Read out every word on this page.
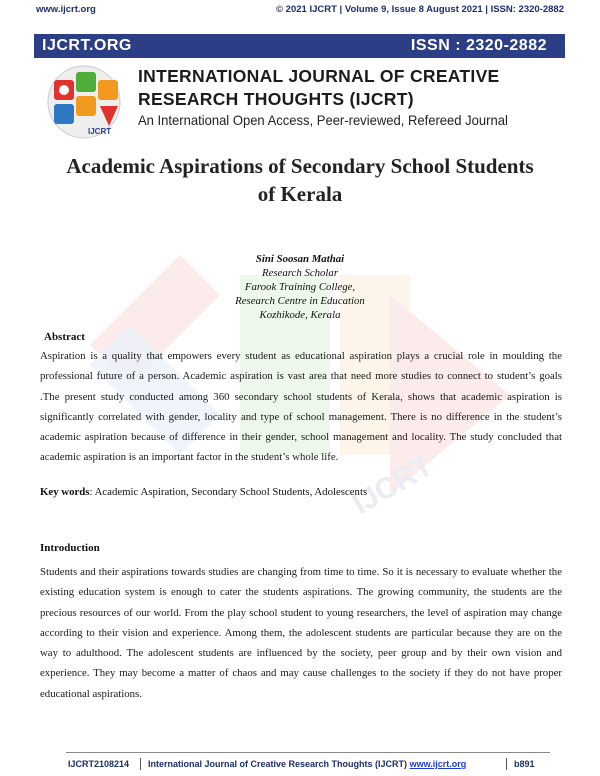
IJCRT
www.ijcrt.org	© 2021 IJCRT | Volume 9, Issue 8 August 2021 | ISSN: 2320-2882
IJCRT.ORG	ISSN : 2320-2882
IJCRT
INTERNATIONAL JOURNAL OF CREATIVE
RESEARCH THOUGHTS (IJCRT)
An International Open Access, Peer-reviewed, Refereed Journal
Academic Aspirations of Secondary School Students
of Kerala
Sini Soosan Mathai
Research Scholar
Farook Training College,
Research Centre in Education
Kozhikode, Kerala
Abstract
Aspiration is a quality that empowers every student as educational aspiration plays a crucial role in moulding the professional future of a person. Academic aspiration is vast area that need more studies to connect to student’s goals .The present study conducted among 360 secondary school students of Kerala, shows that academic aspiration is significantly correlated with gender, locality and type of school management. There is no difference in the student’s academic aspiration because of difference in their gender, school management and locality. The study concluded that academic aspiration is an important factor in the student’s whole life.
Key words: Academic Aspiration, Secondary School Students, Adolescents
Introduction
Students and their aspirations towards studies are changing from time to time. So it is necessary to evaluate whether the existing education system is enough to cater the students aspirations. The growing community, the students are the precious resources of our world. From the play school student to young researchers, the level of aspiration may change according to their vision and experience. Among them, the adolescent students are particular because they are on the way to adulthood. The adolescent students are influenced by the society, peer group and by their own vision and experience. They may become a matter of chaos and may cause challenges to the society if they do not have proper educational aspirations.
IJCRT2108214 International Journal of Creative Research Thoughts (IJCRT) www.ijcrt.org	b891
